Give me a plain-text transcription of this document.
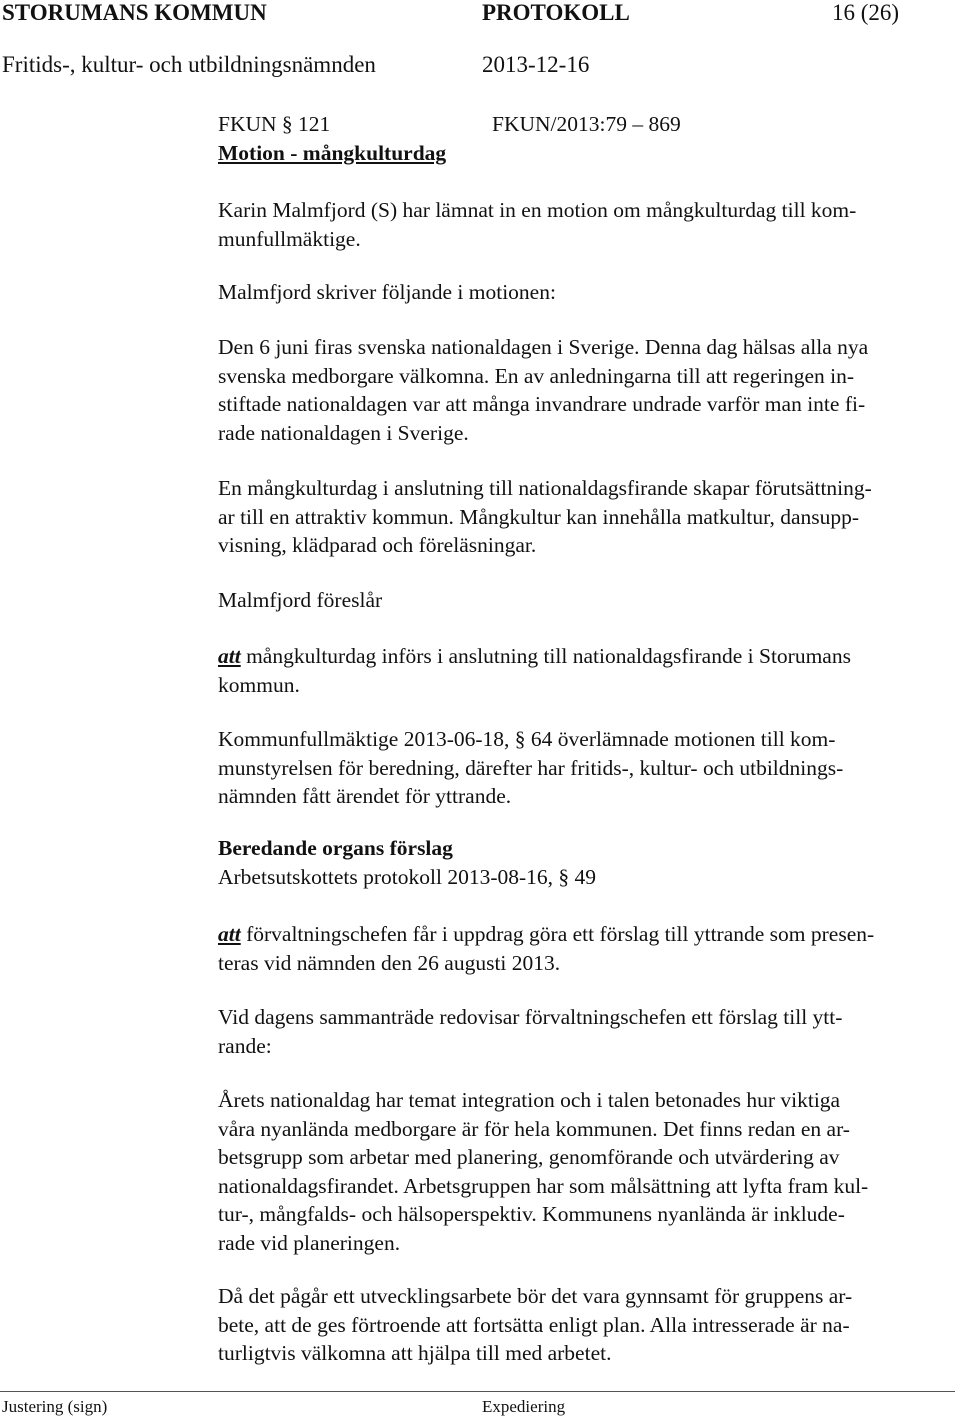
STORUMANS KOMMUN	PROTOKOLL	16 (26)
Fritids-, kultur- och utbildningsnämnden	2013-12-16
FKUN § 121	FKUN/2013:79 – 869
Motion - mångkulturdag
Karin Malmfjord (S) har lämnat in en motion om mångkulturdag till kom-
munfullmäktige.
Malmfjord skriver följande i motionen:
Den 6 juni firas svenska nationaldagen i Sverige. Denna dag hälsas alla nya
svenska medborgare välkomna. En av anledningarna till att regeringen in-
stiftade nationaldagen var att många invandrare undrade varför man inte fi-
rade nationaldagen i Sverige.
En mångkulturdag i anslutning till nationaldagsfirande skapar förutsättning-
ar till en attraktiv kommun. Mångkultur kan innehålla matkultur, dansupp-
visning, klädparad och föreläsningar.
Malmfjord föreslår
att mångkulturdag införs i anslutning till nationaldagsfirande i Storumans
kommun.
Kommunfullmäktige 2013-06-18, § 64 överlämnade motionen till kom-
munstyrelsen för beredning, därefter har fritids-, kultur- och utbildnings-
nämnden fått ärendet för yttrande.
Beredande organs förslag
Arbetsutskottets protokoll 2013-08-16, § 49
att förvaltningschefen får i uppdrag göra ett förslag till yttrande som presen-
teras vid nämnden den 26 augusti 2013.
Vid dagens sammanträde redovisar förvaltningschefen ett förslag till ytt-
rande:
Årets nationaldag har temat integration och i talen betonades hur viktiga
våra nyanlända medborgare är för hela kommunen. Det finns redan en ar-
betsgrupp som arbetar med planering, genomförande och utvärdering av
nationaldagsfirandet. Arbetsgruppen har som målsättning att lyfta fram kul-
tur-, mångfalds- och hälsoperspektiv. Kommunens nyanlända är inklude-
rade vid planeringen.
Då det pågår ett utvecklingsarbete bör det vara gynnsamt för gruppens ar-
bete, att de ges förtroende att fortsätta enligt plan. Alla intresserade är na-
turligtvis välkomna att hjälpa till med arbetet.
Justering (sign)	Expediering
